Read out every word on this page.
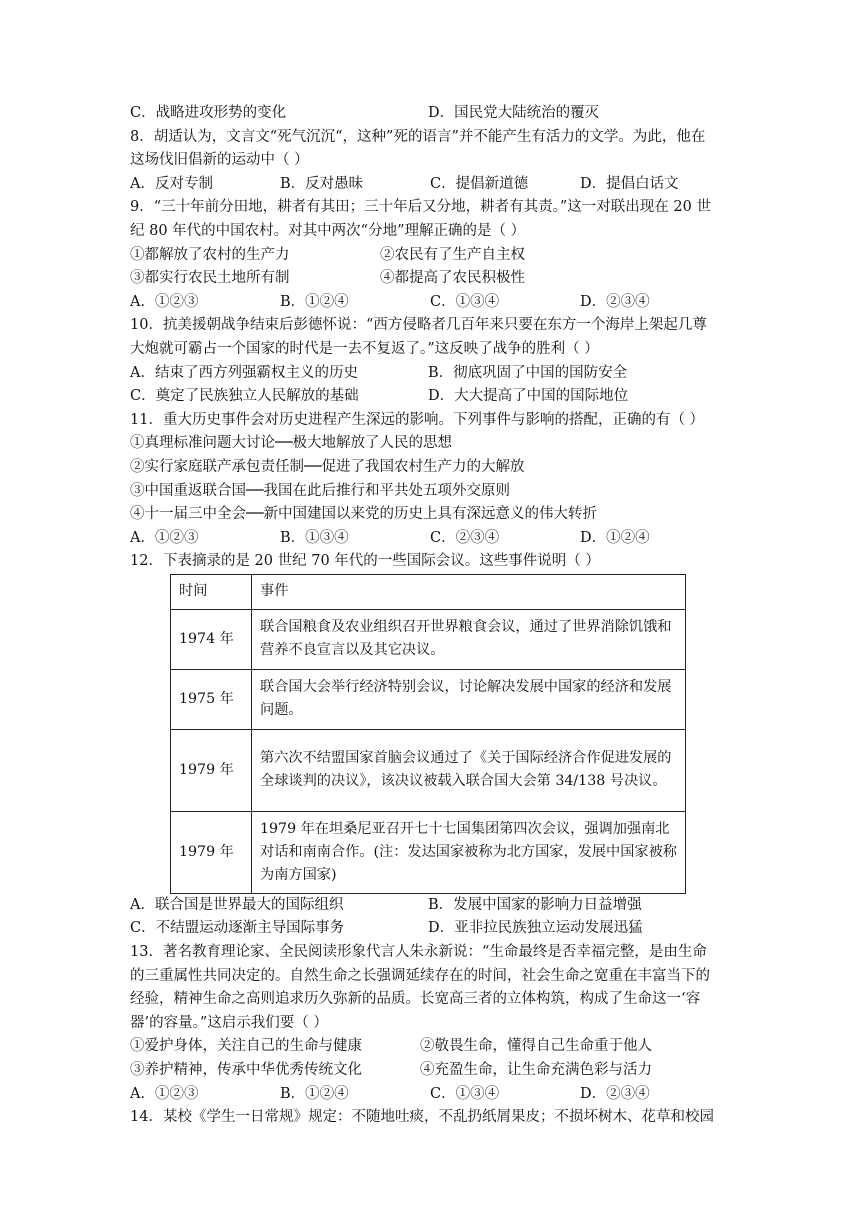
C．战略进攻形势的变化	D．国民党大陆统治的覆灭
8．胡适认为，文言文“死气沉沉“，这种”死的语言”并不能产生有活力的文学。为此，他在
这场伐旧倡新的运动中（ ）
A．反对专制	B．反对愚昧	C．提倡新道德	D．提倡白话文
9．“三十年前分田地，耕者有其田；三十年后又分地，耕者有其责。”这一对联出现在 20 世
纪 80 年代的中国农村。对其中两次“分地”理解正确的是（ ）
①都解放了农村的生产力	②农民有了生产自主权
③都实行农民土地所有制	④都提高了农民积极性
A．①②③	B．①②④	C．①③④	D．②③④
10．抗美援朝战争结束后彭德怀说：“西方侵略者几百年来只要在东方一个海岸上架起几尊
大炮就可霸占一个国家的时代是一去不复返了。”这反映了战争的胜利（ ）
A．结束了西方列强霸权主义的历史	B．彻底巩固了中国的国防安全
C．奠定了民族独立人民解放的基础	D．大大提高了中国的国际地位
11．重大历史事件会对历史进程产生深远的影响。下列事件与影响的搭配，正确的有（ ）
①真理标准问题大讨论──极大地解放了人民的思想
②实行家庭联产承包责任制──促进了我国农村生产力的大解放
③中国重返联合国──我国在此后推行和平共处五项外交原则
④十一届三中全会──新中国建国以来党的历史上具有深远意义的伟大转折
A．①②③	B．①③④	C．②③④	D．①②④
12．下表摘录的是 20 世纪 70 年代的一些国际会议。这些事件说明（ ）
时间	事件
1974 年	联合国粮食及农业组织召开世界粮食会议，通过了世界消除饥饿和营养不良宣言以及其它决议。
1975 年	联合国大会举行经济特别会议，讨论解决发展中国家的经济和发展问题。
1979 年	第六次不结盟国家首脑会议通过了《关于国际经济合作促进发展的全球谈判的决议》，该决议被载入联合国大会第 34/138 号决议。
1979 年	1979 年在坦桑尼亚召开七十七国集团第四次会议，强调加强南北对话和南南合作。(注：发达国家被称为北方国家，发展中国家被称为南方国家)
A．联合国是世界最大的国际组织	B．发展中国家的影响力日益增强
C．不结盟运动逐渐主导国际事务	D．亚非拉民族独立运动发展迅猛
13．著名教育理论家、全民阅读形象代言人朱永新说：“生命最终是否幸福完整，是由生命
的三重属性共同决定的。自然生命之长强调延续存在的时间，社会生命之宽重在丰富当下的
经验，精神生命之高则追求历久弥新的品质。长宽高三者的立体构筑，构成了生命这一‘容
器’的容量。”这启示我们要（ ）
①爱护身体，关注自己的生命与健康	②敬畏生命，懂得自己生命重于他人
③养护精神，传承中华优秀传统文化	④充盈生命，让生命充满色彩与活力
A．①②③	B．①②④	C．①③④	D．②③④
14．某校《学生一日常规》规定：不随地吐痰，不乱扔纸屑果皮；不损坏树木、花草和校园
